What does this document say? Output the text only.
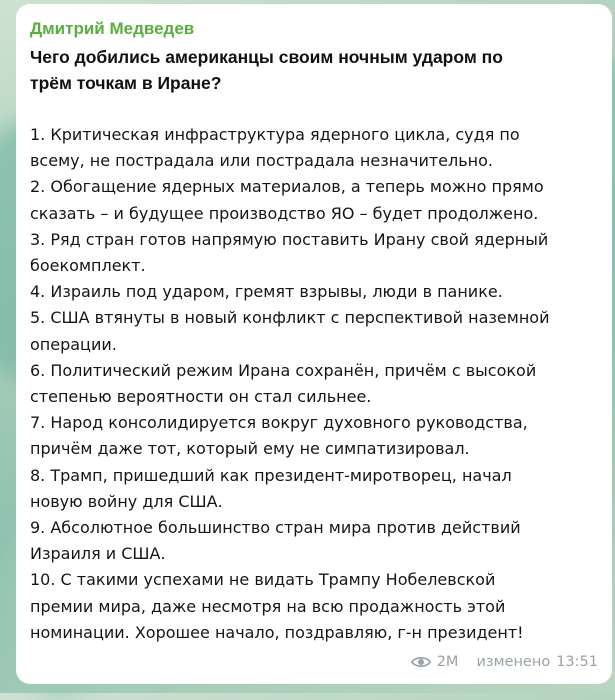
Дмитрий Медведев
Чего добились американцы своим ночным ударом по
трём точкам в Иране?
1. Критическая инфраструктура ядерного цикла, судя по
всему, не пострадала или пострадала незначительно.
2. Обогащение ядерных материалов, а теперь можно прямо
сказать – и будущее производство ЯО – будет продолжено.
3. Ряд стран готов напрямую поставить Ирану свой ядерный
боекомплект.
4. Израиль под ударом, гремят взрывы, люди в панике.
5. США втянуты в новый конфликт с перспективой наземной
операции.
6. Политический режим Ирана сохранён, причём с высокой
степенью вероятности он стал сильнее.
7. Народ консолидируется вокруг духовного руководства,
причём даже тот, который ему не симпатизировал.
8. Трамп, пришедший как президент-миротворец, начал
новую войну для США.
9. Абсолютное большинство стран мира против действий
Израиля и США.
10. С такими успехами не видать Трампу Нобелевской
премии мира, даже несмотря на всю продажность этой
номинации. Хорошее начало, поздравляю, г-н президент!
2M изменено 13:51
